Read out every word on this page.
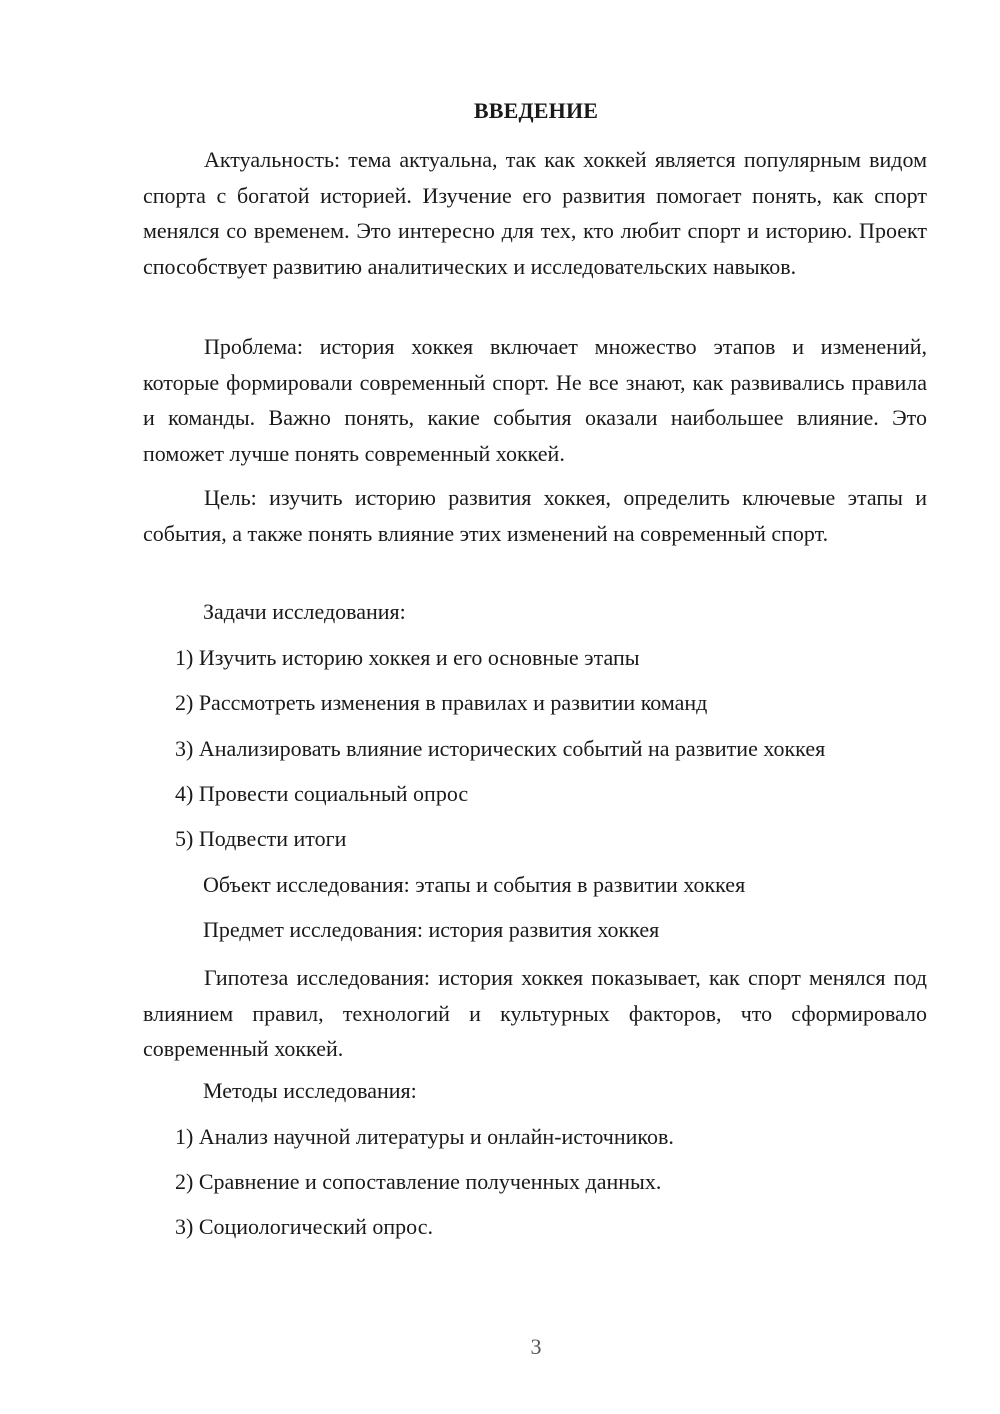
ВВЕДЕНИЕ
Актуальность: тема актуальна, так как хоккей является популярным видом спорта с богатой историей. Изучение его развития помогает понять, как спорт менялся со временем. Это интересно для тех, кто любит спорт и историю. Проект способствует развитию аналитических и исследовательских навыков.
Проблема: история хоккея включает множество этапов и изменений, которые формировали современный спорт. Не все знают, как развивались правила и команды. Важно понять, какие события оказали наибольшее влияние. Это поможет лучше понять современный хоккей.
Цель: изучить историю развития хоккея, определить ключевые этапы и события, а также понять влияние этих изменений на современный спорт.
Задачи исследования:
1) Изучить историю хоккея и его основные этапы
2) Рассмотреть изменения в правилах и развитии команд
3) Анализировать влияние исторических событий на развитие хоккея
4) Провести социальный опрос
5) Подвести итоги
Объект исследования: этапы и события в развитии хоккея
Предмет исследования: история развития хоккея
Гипотеза исследования: история хоккея показывает, как спорт менялся под влиянием правил, технологий и культурных факторов, что сформировало современный хоккей.
Методы исследования:
1) Анализ научной литературы и онлайн-источников.
2) Сравнение и сопоставление полученных данных.
3) Социологический опрос.
3
